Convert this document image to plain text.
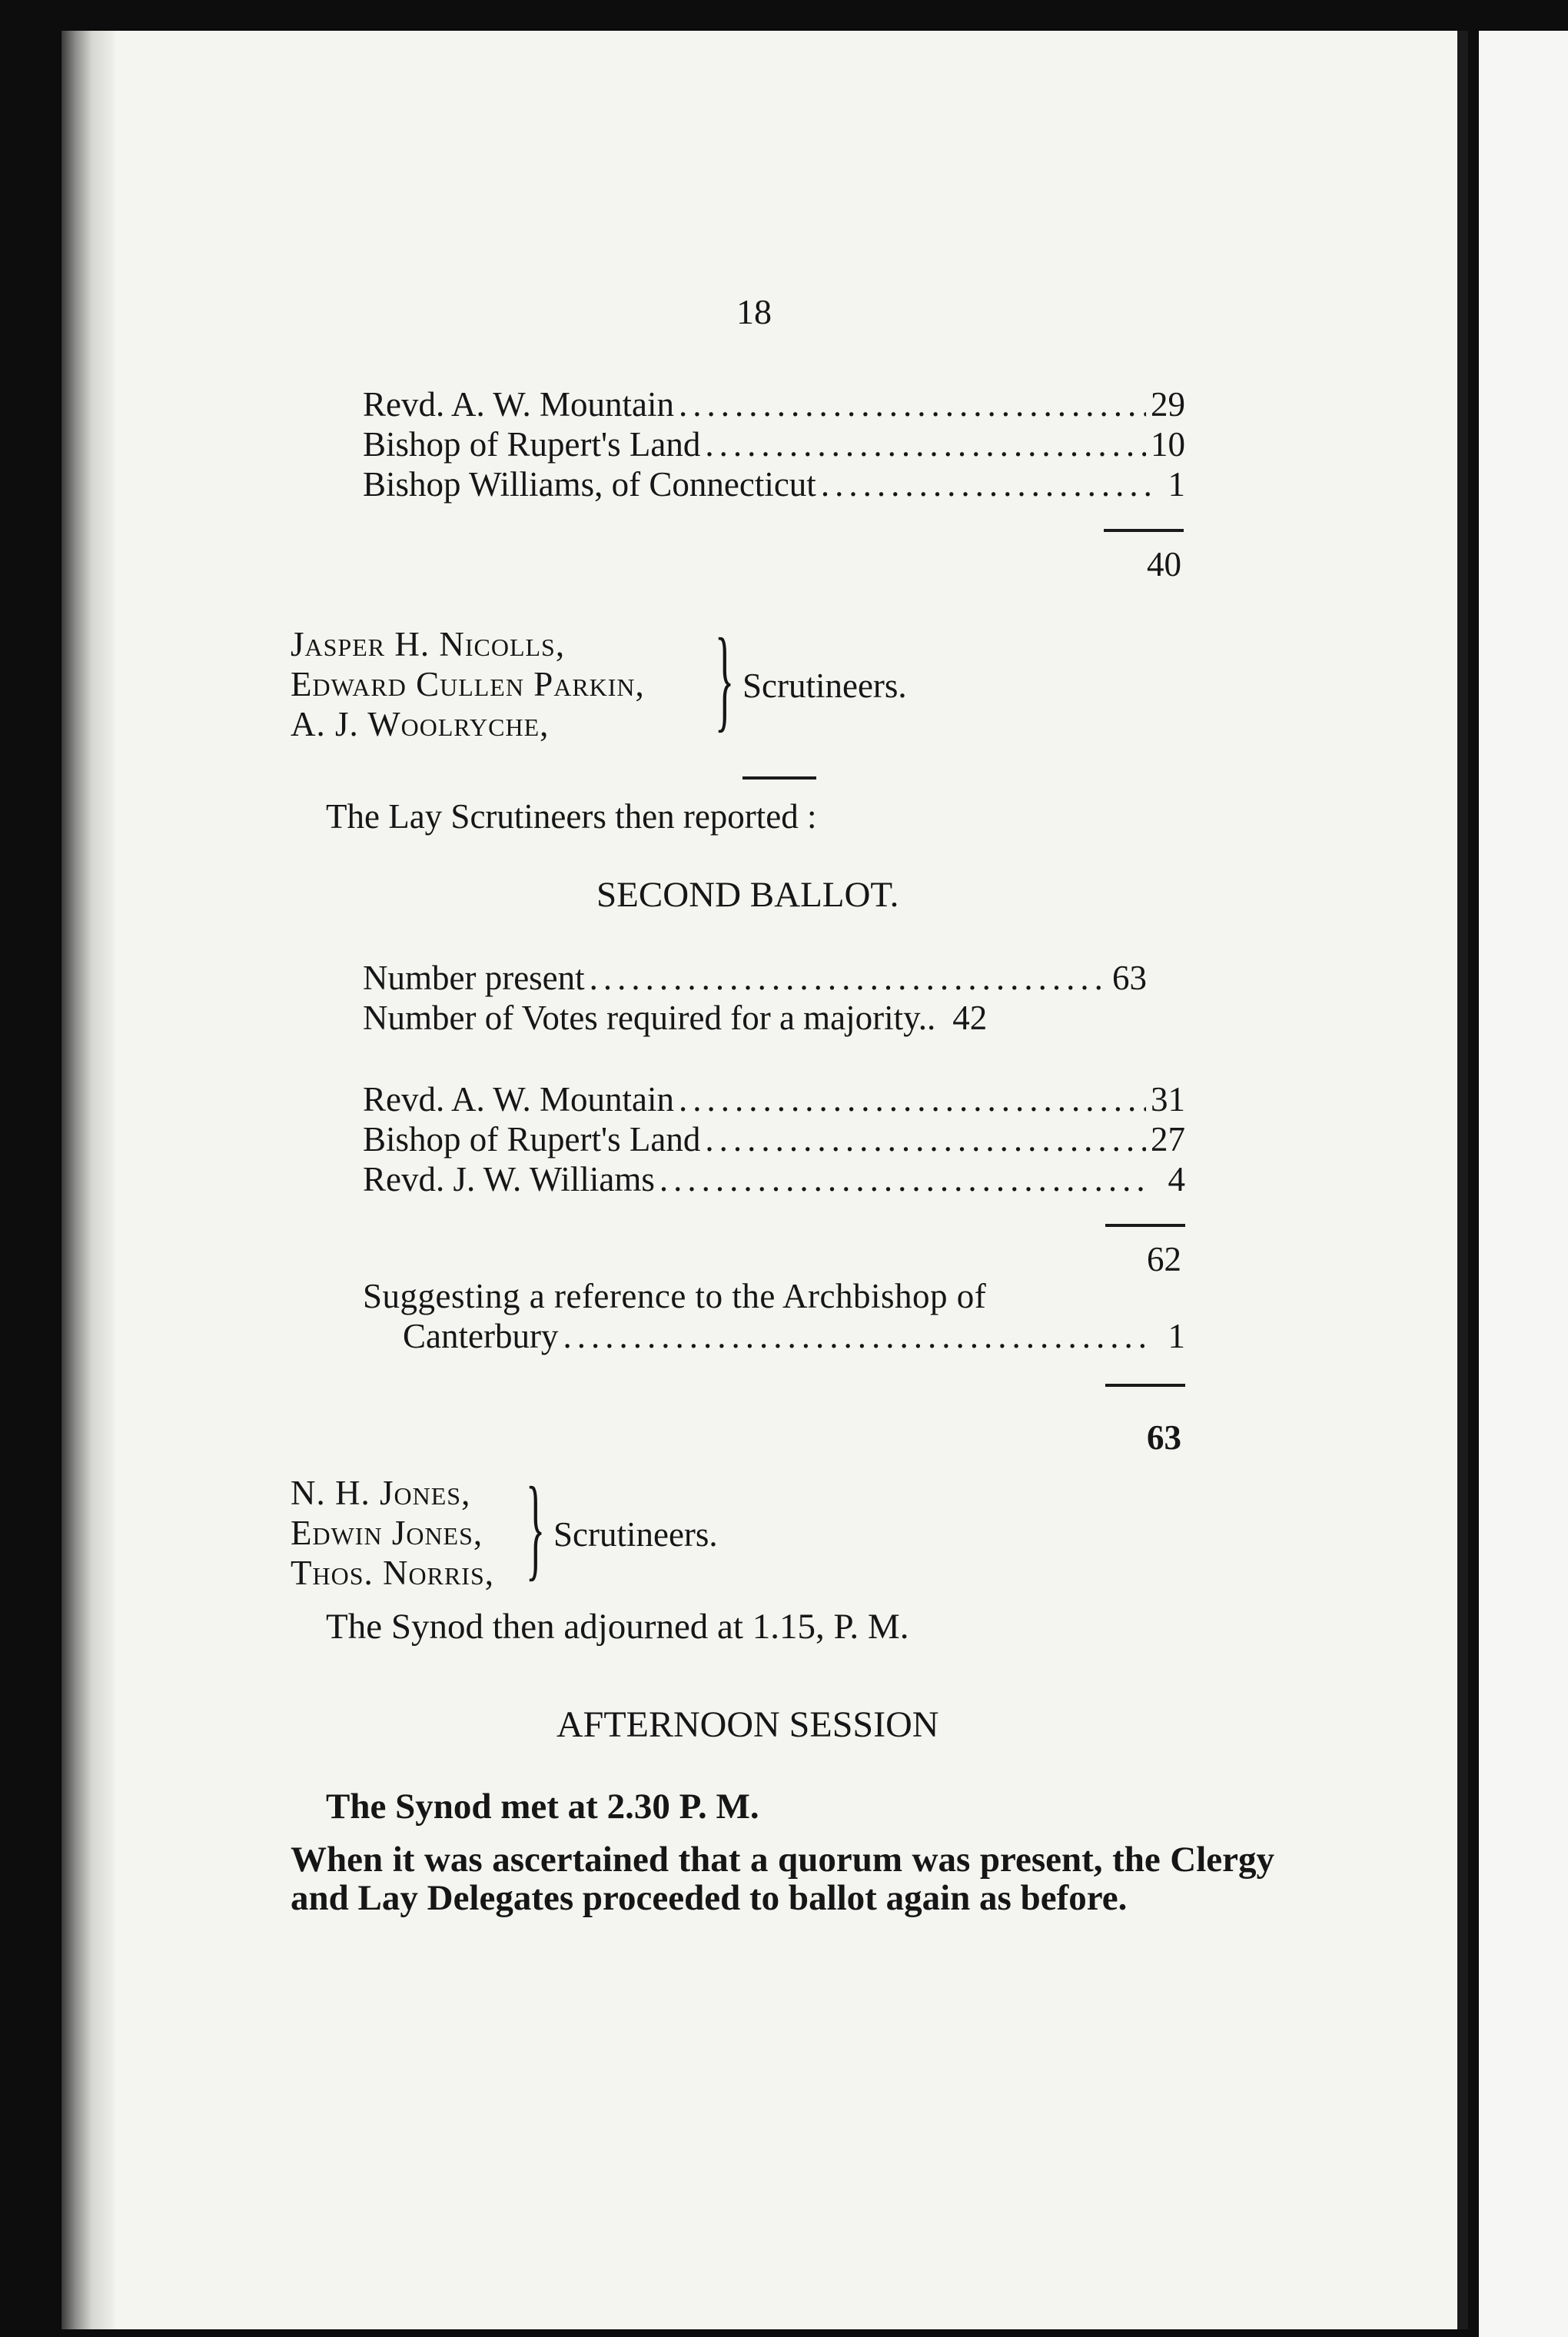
18
Revd. A. W. Mountain .....	29
Bishop of Rupert's Land .....	10
Bishop Williams, of Connecticut .....	1
40
Jasper H. Nicolls,
Edward Cullen Parkin,
A. J. Woolryche, } Scrutineers.
The Lay Scrutineers then reported :
SECOND BALLOT.
Number present .....	63
Number of Votes required for a majority.. 42
Revd. A. W. Mountain .....	31
Bishop of Rupert's Land .....	27
Revd. J. W. Williams .....	4
62
Suggesting a reference to the Archbishop of
Canterbury .....	1
63
N. H. Jones,
Edwin Jones,
Thos. Norris, } Scrutineers.
The Synod then adjourned at 1.15, P. M.
AFTERNOON SESSION
The Synod met at 2.30 P. M.
When it was ascertained that a quorum was present, the Clergy and Lay Delegates proceeded to ballot again as before.
